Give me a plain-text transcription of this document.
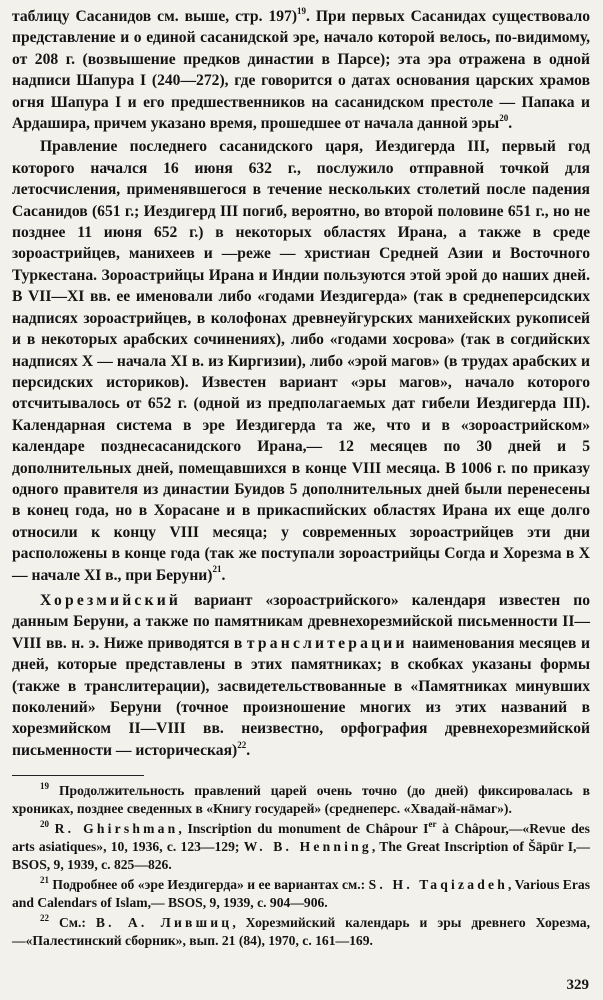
таблицу Сасанидов см. выше, стр. 197)$^{19}$. При первых Сасанидах существовало представление и о единой сасанидской эре, начало которой велось, по-видимому, от 208 г. (возвышение предков династии в Парсе); эта эра отражена в одной надписи Шапура I (240—272), где говорится о датах основания царских храмов огня Шапура I и его предшественников на сасанидском престоле — Папака и Ардашира, причем указано время, прошедшее от начала данной эры$^{20}$.

Правление последнего сасанидского царя, Иездигерда III, первый год которого начался 16 июня 632 г., послужило отправной точкой для летосчисления, применявшегося в течение нескольких столетий после падения Сасанидов (651 г.; Иездигерд III погиб, вероятно, во второй половине 651 г., но не позднее 11 июня 652 г.) в некоторых областях Ирана, а также в среде зороастрийцев, манихеев и —реже — христиан Средней Азии и Восточного Туркестана. Зороастрийцы Ирана и Индии пользуются этой эрой до наших дней. В VII—XI вв. ее именовали либо «годами Иездигерда» (так в среднеперсидских надписях зороастрийцев, в колофонах древнеуйгурских манихейских рукописей и в некоторых арабских сочинениях), либо «годами хосрова» (так в согдийских надписях X — начала XI в. из Киргизии), либо «эрой магов» (в трудах арабских и персидских историков). Известен вариант «эры магов», начало которого отсчитывалось от 652 г. (одной из предполагаемых дат гибели Иездигерда III). Календарная система в эре Иездигерда та же, что и в «зороастрийском» календаре позднесасанидского Ирана,— 12 месяцев по 30 дней и 5 дополнительных дней, помещавшихся в конце VIII месяца. В 1006 г. по приказу одного правителя из династии Буидов 5 дополнительных дней были перенесены в конец года, но в Хорасане и в прикаспийских областях Ирана их еще долго относили к концу VIII месяца; у современных зороастрийцев эти дни расположены в конце года (так же поступали зороастрийцы Согда и Хорезма в X — начале XI в., при Беруни)$^{21}$.

Хорезмийский вариант «зороастрийского» календаря известен по данным Беруни, а также по памятникам древнехорезмийской письменности II—VIII вв. н. э. Ниже приводятся в транслитерации наименования месяцев и дней, которые представлены в этих памятниках; в скобках указаны формы (также в транслитерации), засвидетельствованные в «Памятниках минувших поколений» Беруни (точное произношение многих из этих названий в хорезмийском II—VIII вв. неизвестно, орфография древнехорезмийской письменности — историческая)$^{22}$.

$^{19}$ Продолжительность правлений царей очень точно (до дней) фиксировалась в хрониках, позднее сведенных в «Книгу государей» (среднеперс. «Хвадай-нāмаг»).

$^{20}$ R. Ghirshman, Inscription du monument de Châpour Ier à Châpour,—«Revue des arts asiatiques», 10, 1936, c. 123—129; W. B. Henning, The Great Inscription of Šāpūr I,— BSOS, 9, 1939, c. 825—826.

$^{21}$ Подробнее об «эре Иездигерда» и ее вариантах см.: S. H. Taqizadeh, Various Eras and Calendars of Islam,— BSOS, 9, 1939, c. 904—906.

$^{22}$ См.: В. А. Лившиц, Хорезмийский календарь и эры древнего Хорезма,—«Палестинский сборник», вып. 21 (84), 1970, с. 161—169.

329
